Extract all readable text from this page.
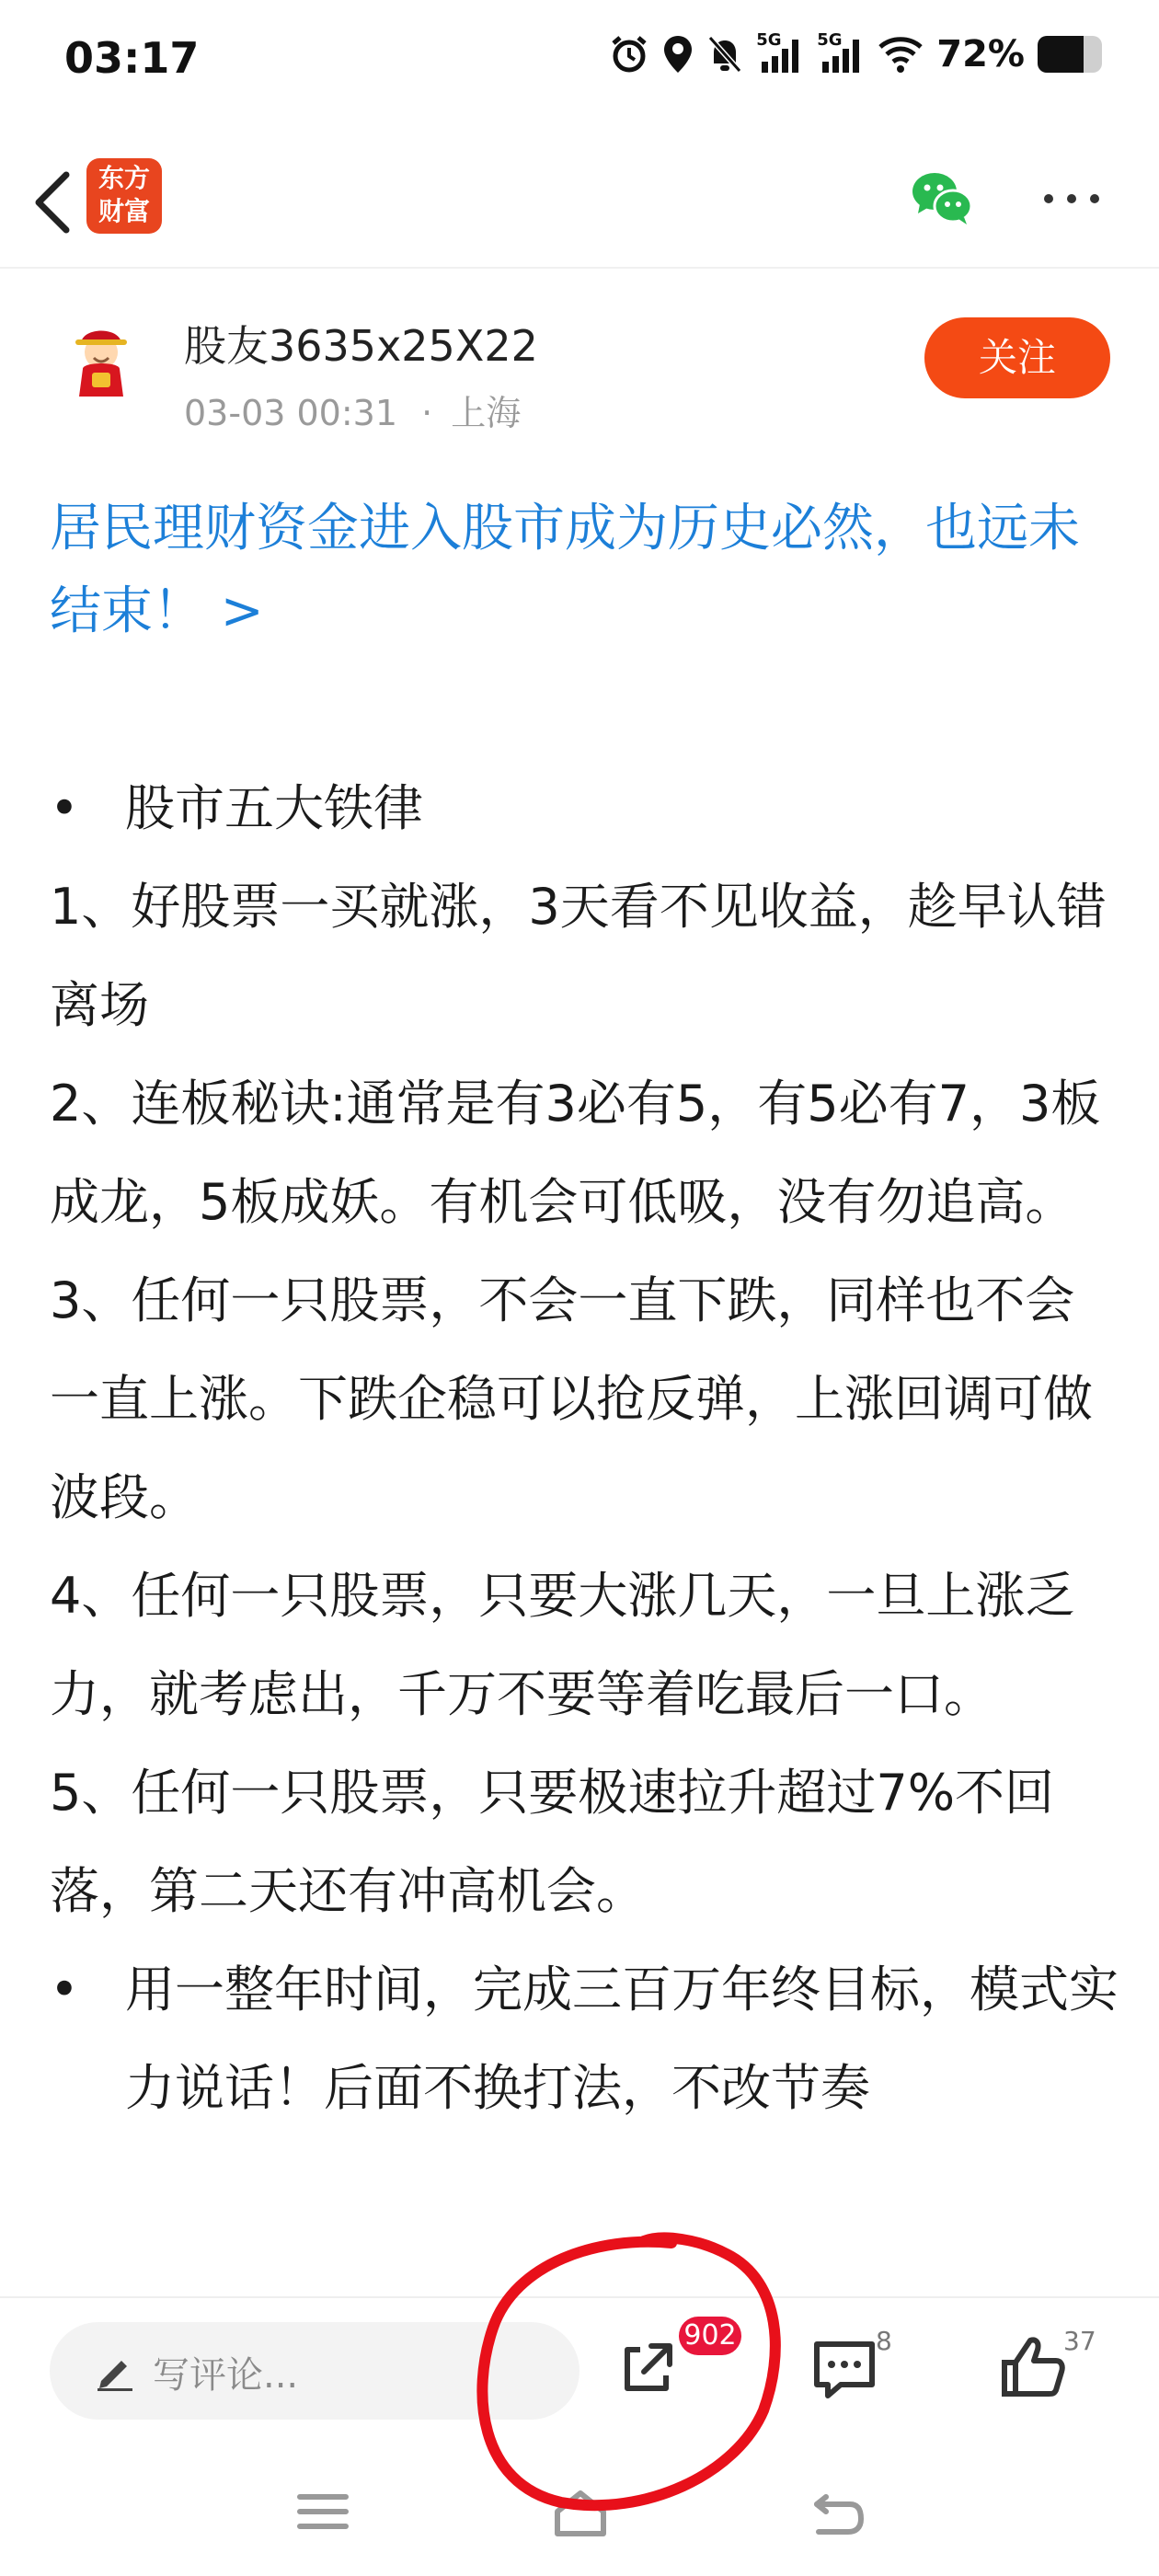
03:17	5G 5G	72%
东方
财富
股友3635x25X22
03-03 00:31 · 上海
关注
居民理财资金进入股市成为历史必然，也远未结束！ >

• 股市五大铁律

1、好股票一买就涨，3天看不见收益，趁早认错离场

2、连板秘诀:通常是有3必有5，有5必有7，3板成龙，5板成妖。有机会可低吸，没有勿追高。

3、任何一只股票，不会一直下跌，同样也不会一直上涨。下跌企稳可以抢反弹，上涨回调可做波段。

4、任何一只股票，只要大涨几天，一旦上涨乏力，就考虑出，千万不要等着吃最后一口。

5、任何一只股票，只要极速拉升超过7%不回落，第二天还有冲高机会。

• 用一整年时间，完成三百万年终目标，模式实力说话！后面不换打法，不改节奏

写评论...
8	37
902
